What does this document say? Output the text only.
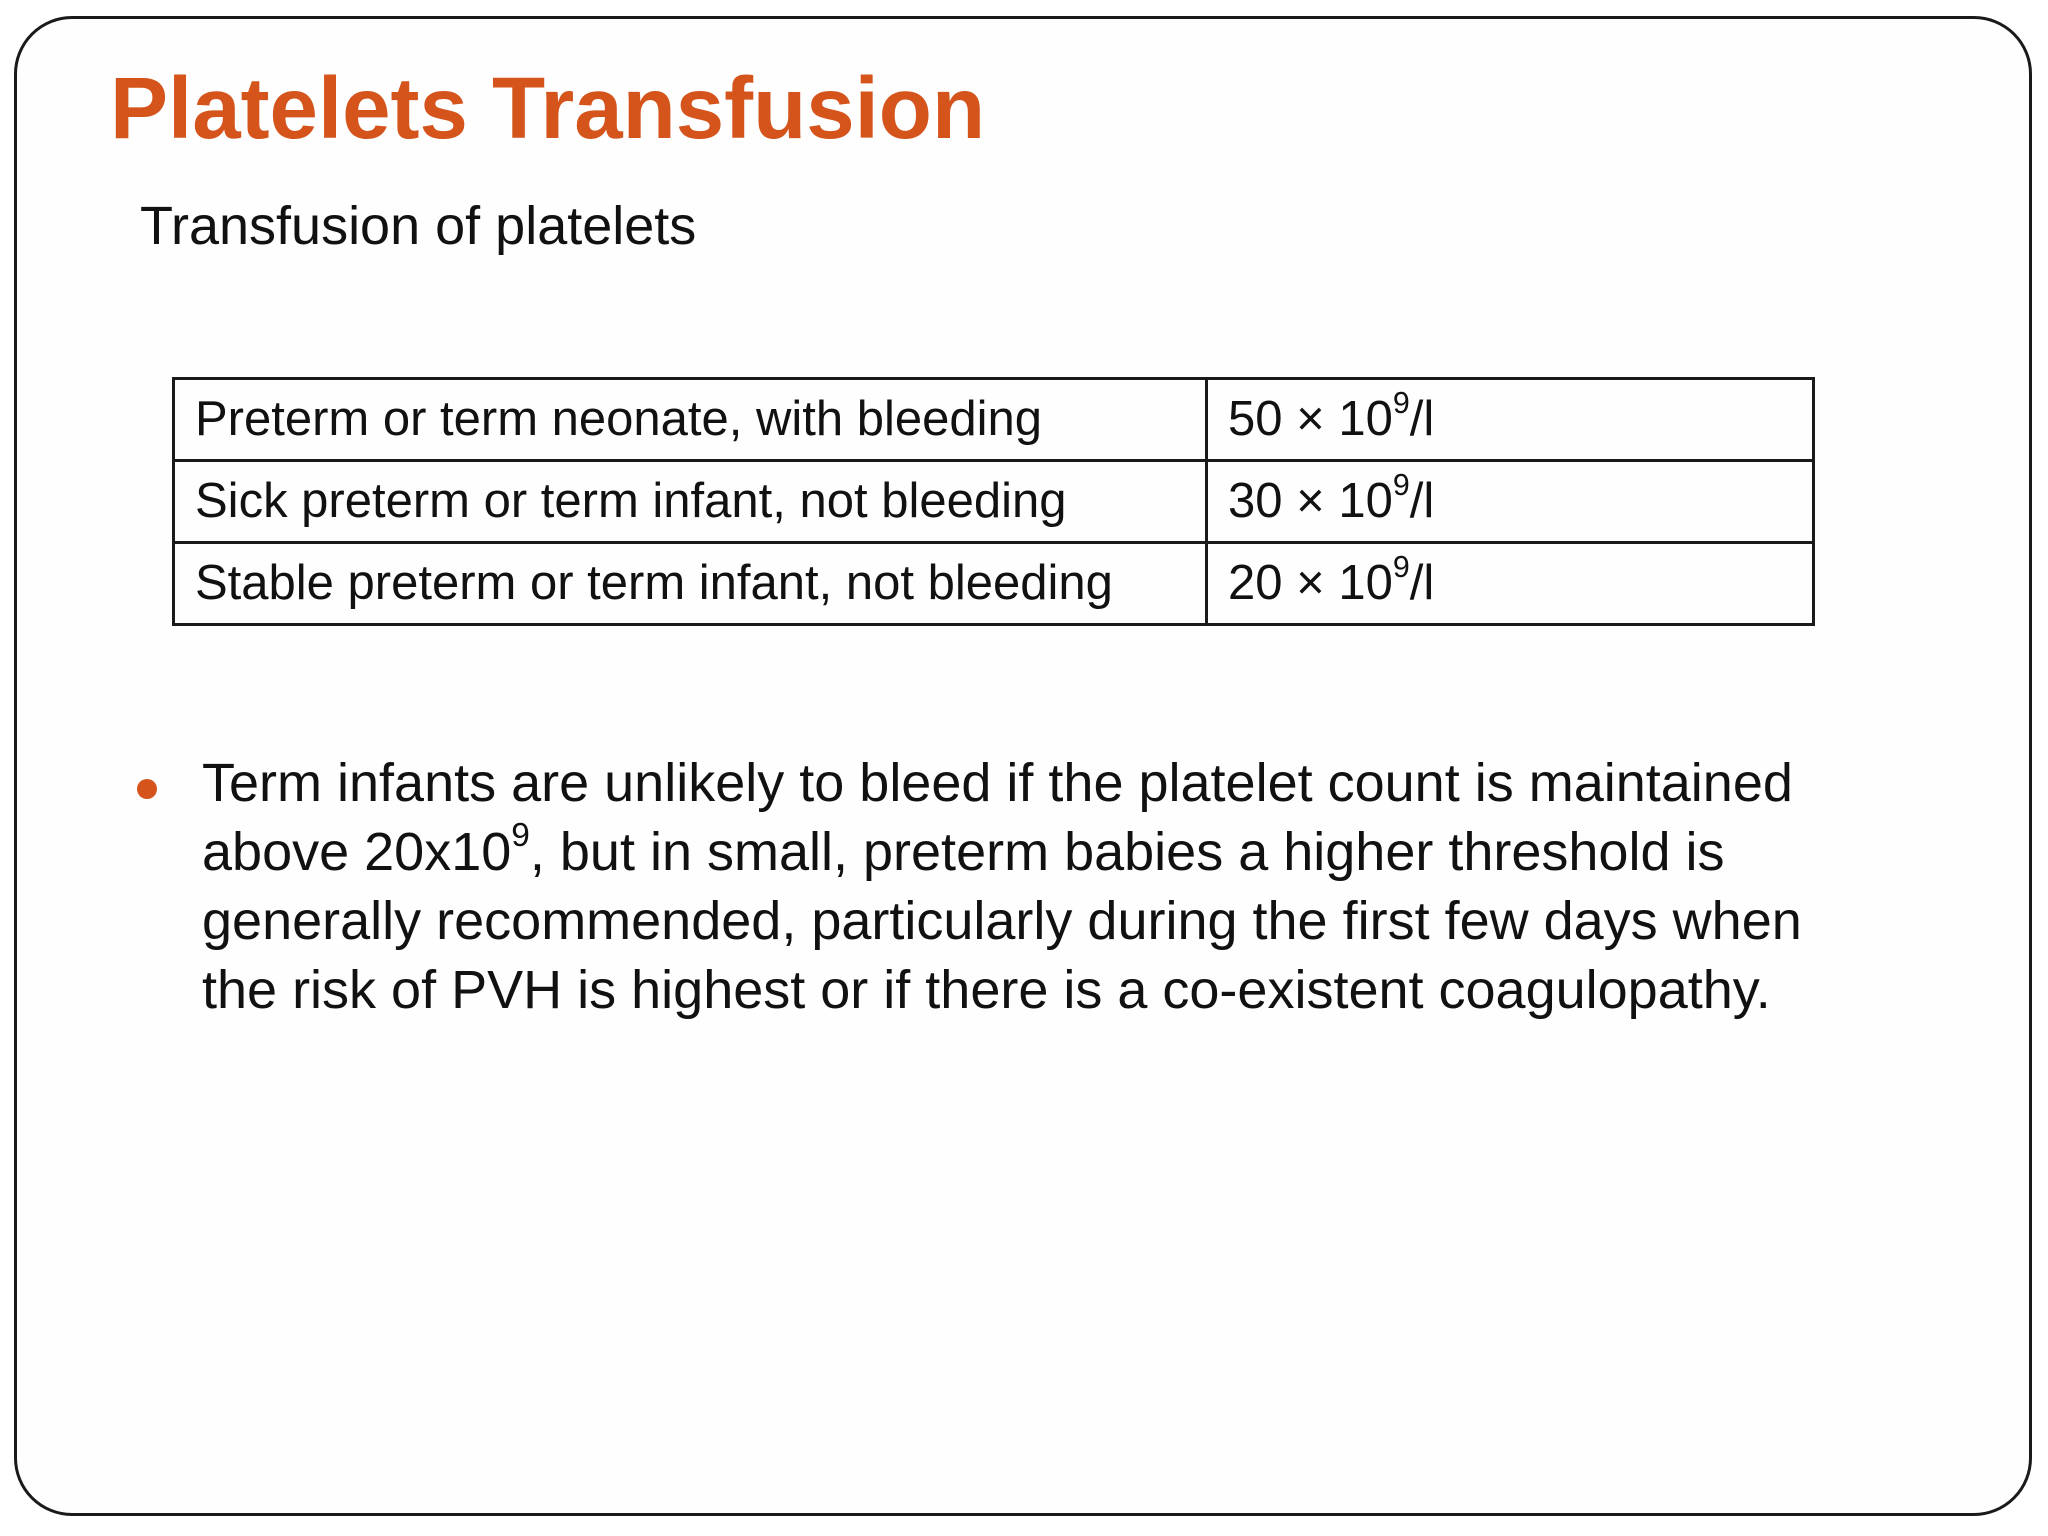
Platelets Transfusion
Transfusion of platelets
Preterm or term neonate, with bleeding	$50 \times 10^9/l$
Sick preterm or term infant, not bleeding	$30 \times 10^9/l$
Stable preterm or term infant, not bleeding	$20 \times 10^9/l$
Term infants are unlikely to bleed if the platelet count is maintained above $20x10^9$, but in small, preterm babies a higher threshold is generally recommended, particularly during the first few days when the risk of PVH is highest or if there is a co-existent coagulopathy.
